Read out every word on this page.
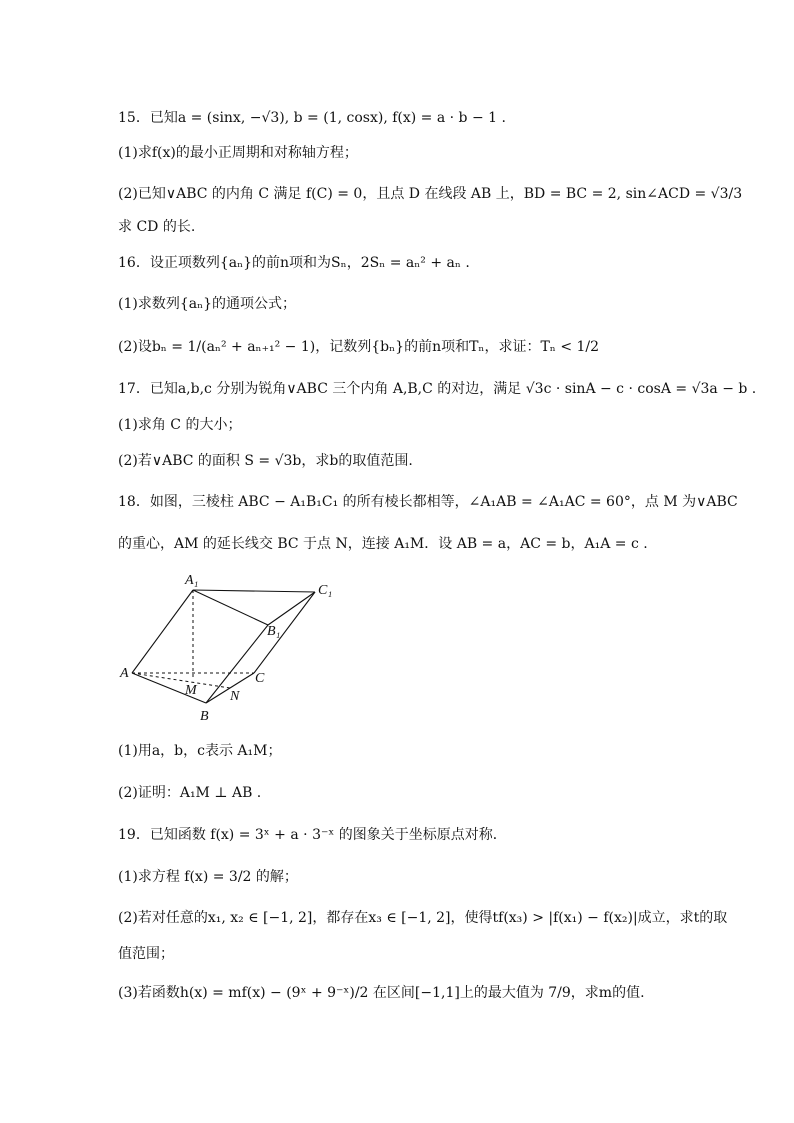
15．已知a = (sinx, −√3), b = (1, cosx), f(x) = a · b − 1 .
(1)求f(x)的最小正周期和对称轴方程；
(2)已知∨ABC 的内角 C 满足 f(C) = 0，且点 D 在线段 AB 上，BD = BC = 2, sin∠ACD = √3/3
求 CD 的长.
16．设正项数列{aₙ}的前n项和为Sₙ，2Sₙ = aₙ² + aₙ .
(1)求数列{aₙ}的通项公式；
(2)设bₙ = 1/(aₙ² + aₙ₊₁² − 1)，记数列{bₙ}的前n项和Tₙ，求证：Tₙ < 1/2
17．已知a,b,c 分别为锐角∨ABC 三个内角 A,B,C 的对边，满足 √3c · sinA − c · cosA = √3a − b .
(1)求角 C 的大小；
(2)若∨ABC 的面积 S = √3b，求b的取值范围.
18．如图，三棱柱 ABC − A₁B₁C₁ 的所有棱长都相等，∠A₁AB = ∠A₁AC = 60°，点 M 为∨ABC
的重心，AM 的延长线交 BC 于点 N，连接 A₁M．设 AB = a，AC = b，A₁A = c .
A₁
C₁
B₁
A
M
C
N
B
(1)用a，b，c表示 A₁M；
(2)证明：A₁M ⊥ AB .
19．已知函数 f(x) = 3ˣ + a · 3⁻ˣ 的图象关于坐标原点对称．
(1)求方程 f(x) = 3/2 的解；
(2)若对任意的x₁, x₂ ∈ [−1, 2]，都存在x₃ ∈ [−1, 2]，使得tf(x₃) > |f(x₁) − f(x₂)|成立，求t的取
值范围；
(3)若函数h(x) = mf(x) − (9ˣ + 9⁻ˣ)/2 在区间[−1,1]上的最大值为 7/9，求m的值.
